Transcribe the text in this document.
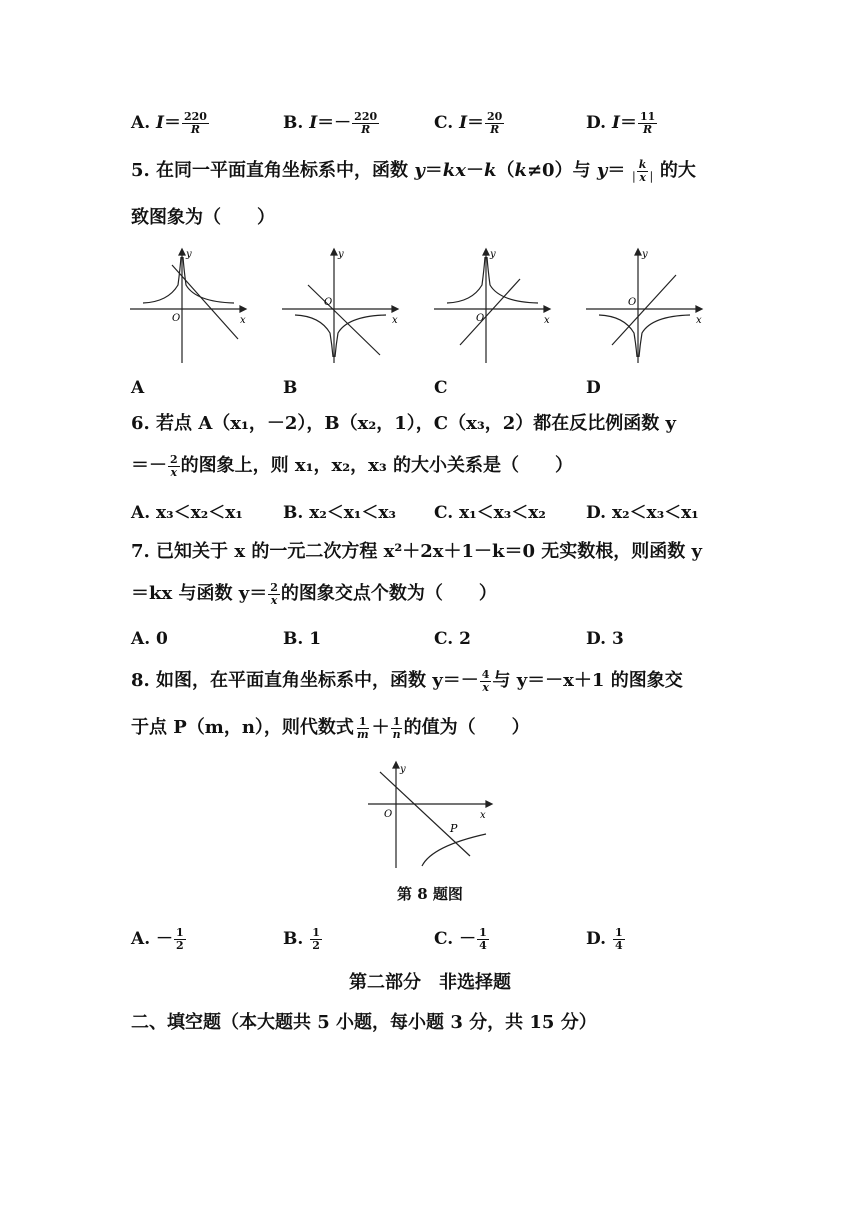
A. $I= \frac{220}{R}$	B. $I=- \frac{220}{R}$	C. $I= \frac{20}{R}$	D. $I= \frac{11}{R}$
5. 在同一平面直角坐标系中，函数 y＝kx－k（k≠0）与 $y= \frac{k}{|x|}$ 的大
致图象为（　　）
y
x
O
y
x
O
y
x
O
y
x
O
A	B	C	D
6. 若点 A（x₁，－2），B（x₂，1），C（x₃，2）都在反比例函数 y
＝－ $\frac{2}{x}$ 的图象上，则 x₁，x₂，x₃ 的大小关系是（　　）
A. x₃＜x₂＜x₁ B. x₂＜x₁＜x₃ C. x₁＜x₃＜x₂ D. x₂＜x₃＜x₁
7. 已知关于 x 的一元二次方程 x²＋2x＋1－k＝0 无实数根，则函数 y
＝kx 与函数 $y= \frac{2}{x}$ 的图象交点个数为（　　）
A. 0	B. 1	C. 2	D. 3
8. 如图，在平面直角坐标系中，函数 $y=- \frac{4}{x}$ 与 y＝－x＋1 的图象交
于点 P（m，n），则代数式 $\frac{1}{m} + \frac{1}{n}$ 的值为（　　）
y
x
O
P
第 8 题图
A. － $\frac{1}{2}$	B. $\frac{1}{2}$	C. － $\frac{1}{4}$	D. $\frac{1}{4}$
第二部分　非选择题
二、填空题（本大题共 5 小题，每小题 3 分，共 15 分）
